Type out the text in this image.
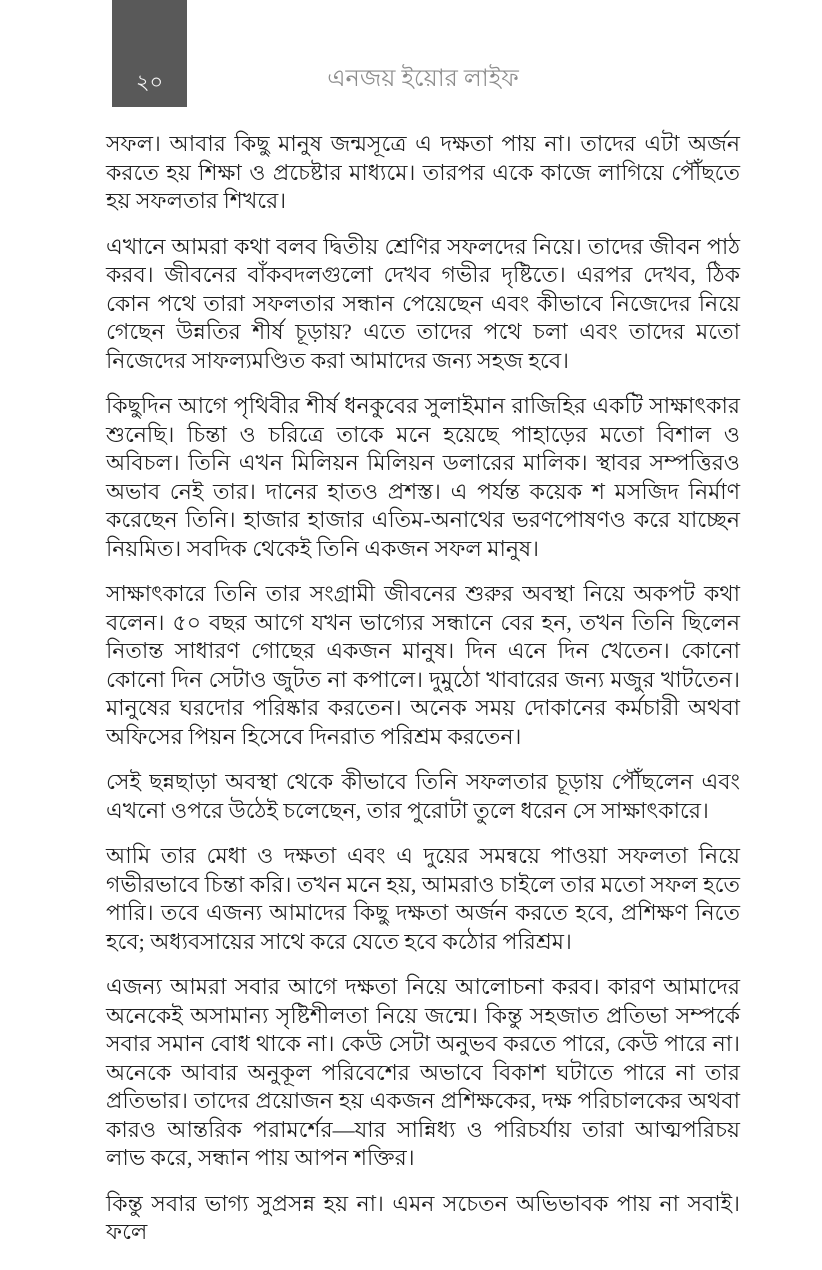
২০	এনজয় ইয়োর লাইফ

সফল। আবার কিছু মানুষ জন্মসূত্রে এ দক্ষতা পায় না। তাদের এটা অর্জন করতে হয় শিক্ষা ও প্রচেষ্টার মাধ্যমে। তারপর একে কাজে লাগিয়ে পৌঁছতে হয় সফলতার শিখরে।

এখানে আমরা কথা বলব দ্বিতীয় শ্রেণির সফলদের নিয়ে। তাদের জীবন পাঠ করব। জীবনের বাঁকবদলগুলো দেখব গভীর দৃষ্টিতে। এরপর দেখব, ঠিক কোন পথে তারা সফলতার সন্ধান পেয়েছেন এবং কীভাবে নিজেদের নিয়ে গেছেন উন্নতির শীর্ষ চূড়ায়? এতে তাদের পথে চলা এবং তাদের মতো নিজেদের সাফল্যমণ্ডিত করা আমাদের জন্য সহজ হবে।

কিছুদিন আগে পৃথিবীর শীর্ষ ধনকুবের সুলাইমান রাজিহির একটি সাক্ষাৎকার শুনেছি। চিন্তা ও চরিত্রে তাকে মনে হয়েছে পাহাড়ের মতো বিশাল ও অবিচল। তিনি এখন মিলিয়ন মিলিয়ন ডলারের মালিক। স্থাবর সম্পত্তিরও অভাব নেই তার। দানের হাতও প্রশস্ত। এ পর্যন্ত কয়েক শ মসজিদ নির্মাণ করেছেন তিনি। হাজার হাজার এতিম-অনাথের ভরণপোষণও করে যাচ্ছেন নিয়মিত। সবদিক থেকেই তিনি একজন সফল মানুষ।

সাক্ষাৎকারে তিনি তার সংগ্রামী জীবনের শুরুর অবস্থা নিয়ে অকপট কথা বলেন। ৫০ বছর আগে যখন ভাগ্যের সন্ধানে বের হন, তখন তিনি ছিলেন নিতান্ত সাধারণ গোছের একজন মানুষ। দিন এনে দিন খেতেন। কোনো কোনো দিন সেটাও জুটত না কপালে। দুমুঠো খাবারের জন্য মজুর খাটতেন। মানুষের ঘরদোর পরিষ্কার করতেন। অনেক সময় দোকানের কর্মচারী অথবা অফিসের পিয়ন হিসেবে দিনরাত পরিশ্রম করতেন।

সেই ছন্নছাড়া অবস্থা থেকে কীভাবে তিনি সফলতার চূড়ায় পৌঁছলেন এবং এখনো ওপরে উঠেই চলেছেন, তার পুরোটা তুলে ধরেন সে সাক্ষাৎকারে।

আমি তার মেধা ও দক্ষতা এবং এ দুয়ের সমন্বয়ে পাওয়া সফলতা নিয়ে গভীরভাবে চিন্তা করি। তখন মনে হয়, আমরাও চাইলে তার মতো সফল হতে পারি। তবে এজন্য আমাদের কিছু দক্ষতা অর্জন করতে হবে, প্রশিক্ষণ নিতে হবে; অধ্যবসায়ের সাথে করে যেতে হবে কঠোর পরিশ্রম।

এজন্য আমরা সবার আগে দক্ষতা নিয়ে আলোচনা করব। কারণ আমাদের অনেকেই অসামান্য সৃষ্টিশীলতা নিয়ে জন্মে। কিন্তু সহজাত প্রতিভা সম্পর্কে সবার সমান বোধ থাকে না। কেউ সেটা অনুভব করতে পারে, কেউ পারে না। অনেকে আবার অনুকূল পরিবেশের অভাবে বিকাশ ঘটাতে পারে না তার প্রতিভার। তাদের প্রয়োজন হয় একজন প্রশিক্ষকের, দক্ষ পরিচালকের অথবা কারও আন্তরিক পরামর্শের—যার সান্নিধ্য ও পরিচর্যায় তারা আত্মপরিচয় লাভ করে, সন্ধান পায় আপন শক্তির।

কিন্তু সবার ভাগ্য সুপ্রসন্ন হয় না। এমন সচেতন অভিভাবক পায় না সবাই। ফলে
